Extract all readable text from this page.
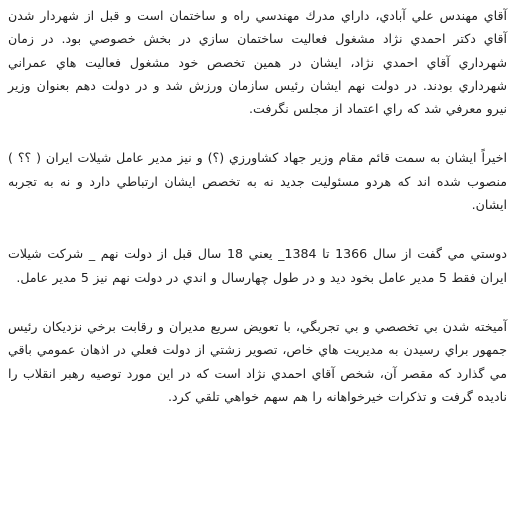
آقاي مهندس علي آبادي، داراي مدرك مهندسي راه و ساختمان است و قبل از شهردار شدن آقاي دكتر احمدي نژاد مشغول فعاليت ساختمان سازي در بخش خصوصي بود. در زمان شهرداري آقاي احمدي نژاد، ايشان در همين تخصص خود مشغول فعاليت هاي عمراني شهرداري بودند. در دولت نهم ايشان رئيس سازمان ورزش شد و در دولت دهم بعنوان وزير نيرو معرفي شد كه راي اعتماد از مجلس نگرفت.

اخيراً ايشان به سمت قائم مقام وزير جهاد كشاورزي (؟) و نيز مدير عامل شيلات ايران ( ؟؟ ) منصوب شده اند كه هردو مسئوليت جديد نه به تخصص ايشان ارتباطي دارد و نه به تجربه ايشان.

دوستي مي گفت از سال 1366 تا 1384_ يعني 18 سال قبل از دولت نهم _ شركت شيلات ايران فقط 5 مدير عامل بخود ديد و در طول چهارسال و اندي در دولت نهم نيز 5 مدير عامل.

آميخته شدن بي تخصصي و بي تجربگي، با تعويض سريع مديران و رقابت برخي نزديكان رئيس جمهور براي رسيدن به مديريت هاي خاص، تصوير زشتي از دولت فعلي در اذهان عمومي باقي مي گذارد كه مقصر آن، شخص آقاي احمدي نژاد است كه در اين مورد توصيه رهبر انقلاب را ناديده گرفت و تذكرات خيرخواهانه را هم سهم خواهي تلقي كرد.
